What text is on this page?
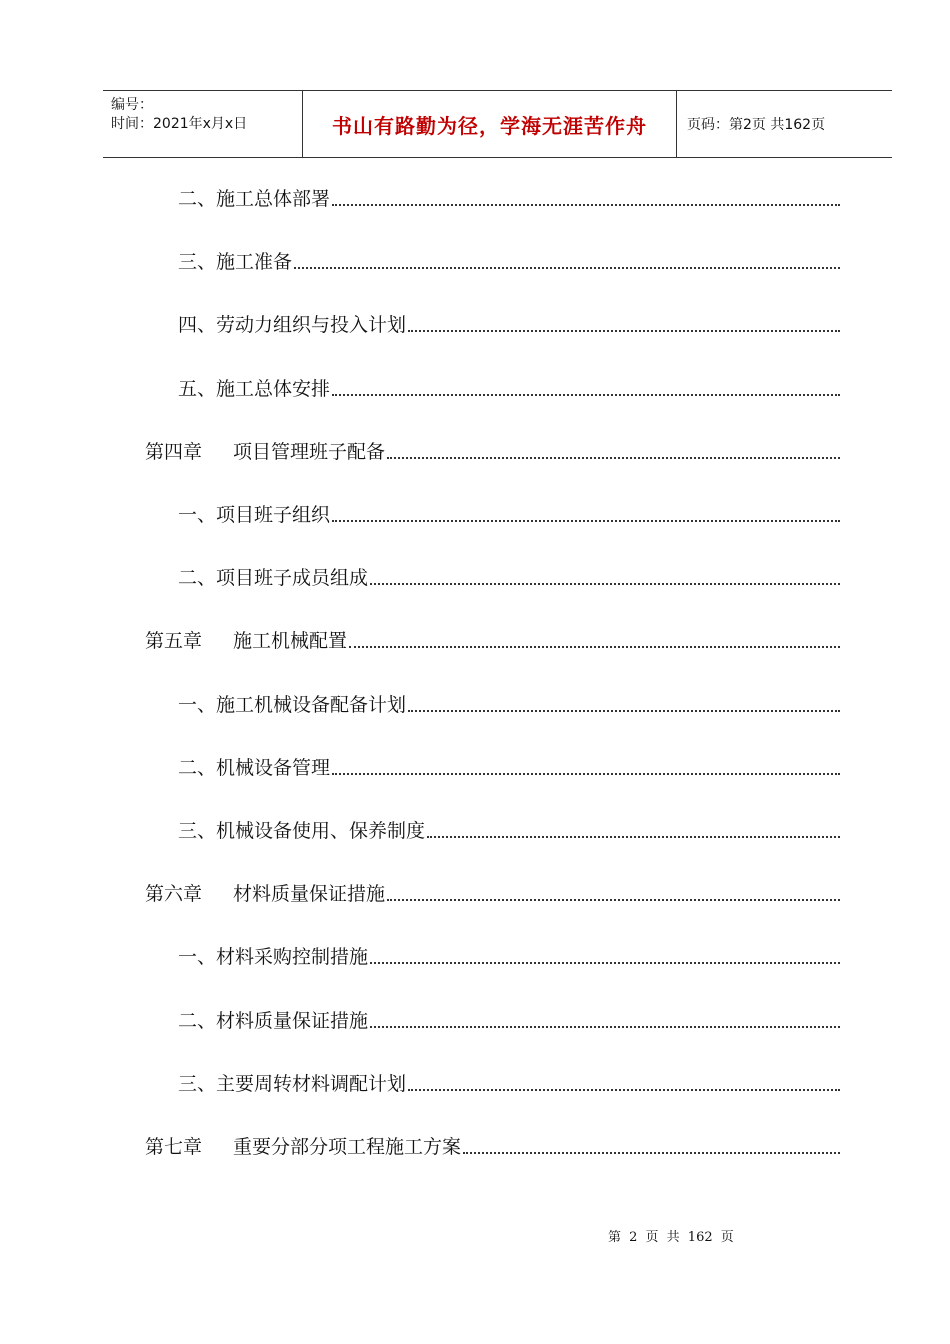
编号：
时间：2021年x月x日	书山有路勤为径，学海无涯苦作舟	页码：第2页 共162页
二、施工总体部署
三、施工准备
四、劳动力组织与投入计划
五、施工总体安排
第四章	项目管理班子配备
一、项目班子组织
二、项目班子成员组成
第五章	施工机械配置
一、施工机械设备配备计划
二、机械设备管理
三、机械设备使用、保养制度
第六章	材料质量保证措施
一、材料采购控制措施
二、材料质量保证措施
三、主要周转材料调配计划
第七章	重要分部分项工程施工方案
第 2 页 共 162 页
